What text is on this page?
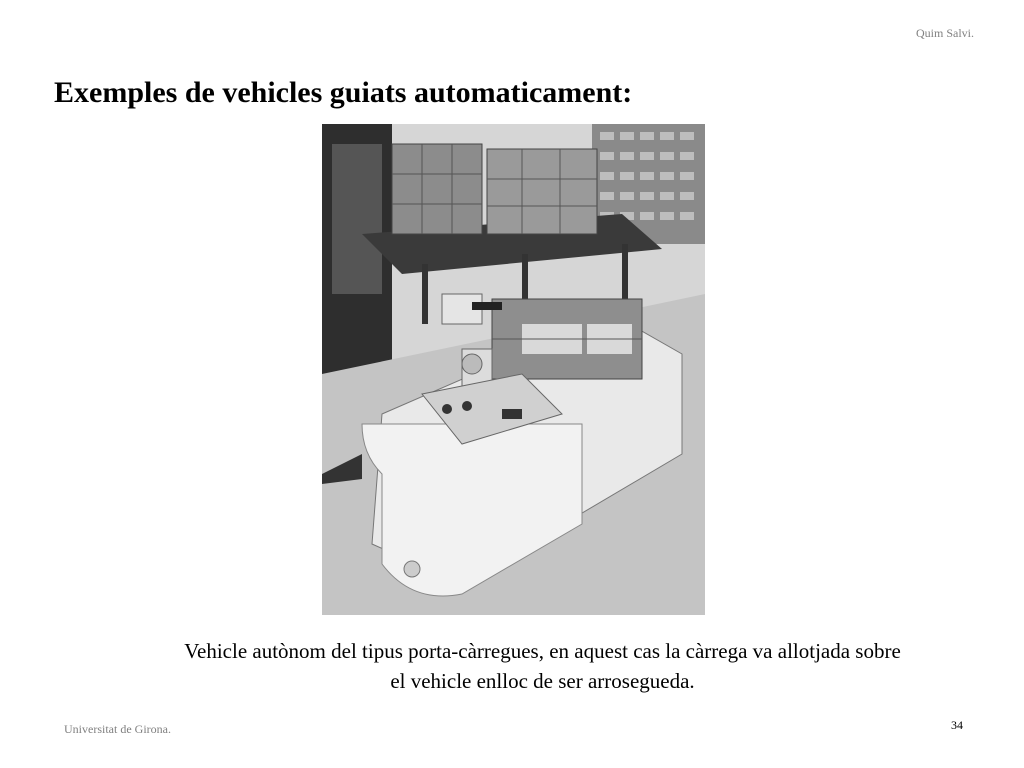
Quim Salvi.
Exemples de vehicles guiats automaticament:
Vehicle autònom del tipus porta-càrregues, en aquest cas la càrrega va allotjada sobre
el vehicle enlloc de ser arrosegueda.
Universitat de Girona.	34
